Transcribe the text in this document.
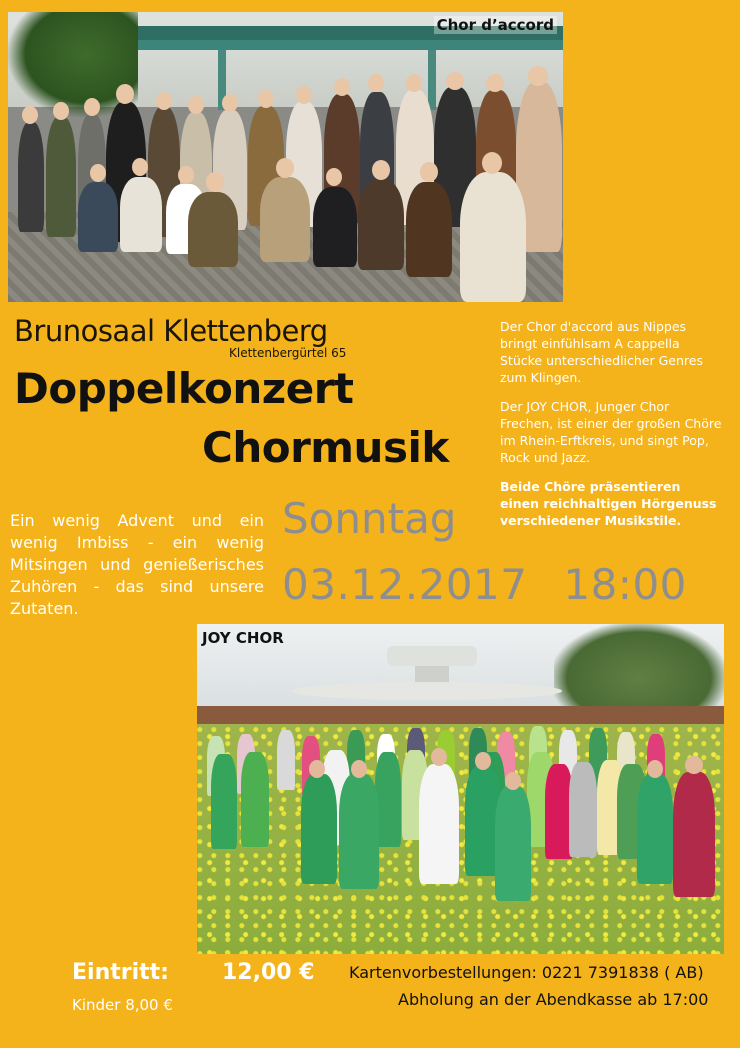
Chor d’accord
Brunosaal Klettenberg
Klettenbergürtel 65
Doppelkonzert
Chormusik

Der Chor d'accord aus Nippes bringt einfühlsam A cappella Stücke unterschiedlicher Genres zum Klingen.

Der JOY CHOR, Junger Chor Frechen, ist einer der großen Chöre im Rhein-Erftkreis, und singt Pop, Rock und Jazz.

Beide Chöre präsentieren einen reichhaltigen Hörgenuss verschiedener Musikstile.

Ein wenig Advent und ein wenig Imbiss - ein wenig Mitsingen und genießerisches Zuhören - das sind unsere Zutaten.
Sonntag
03.12.2017 18:00
JOY CHOR
Eintritt: 12,00 €
Kinder 8,00 €
Kartenvorbestellungen: 0221 7391838 ( AB)
Abholung an der Abendkasse ab 17:00
